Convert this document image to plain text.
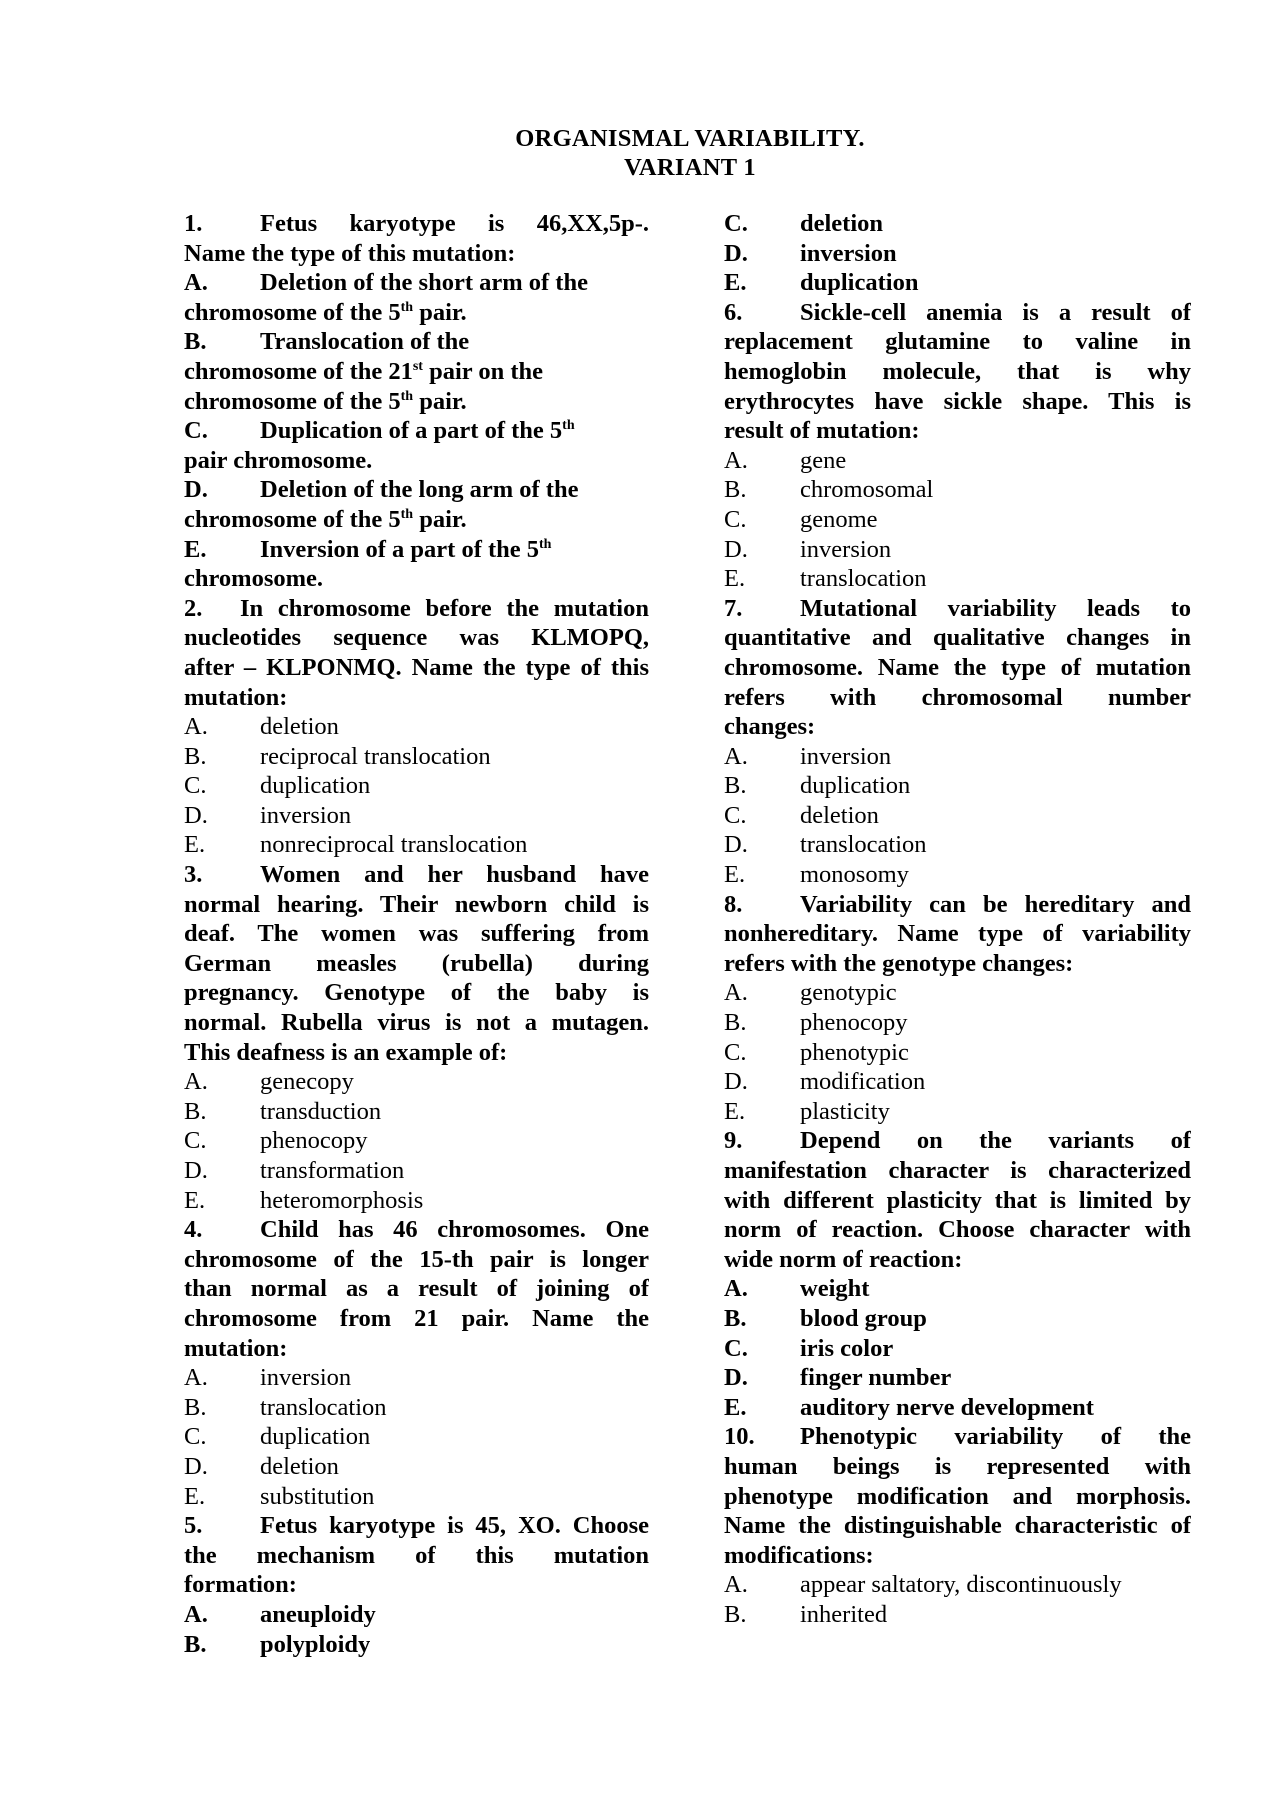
ORGANISMAL VARIABILITY.
VARIANT 1
1. Fetus karyotype is 46,XX,5p-.
Name the type of this mutation:
A.	Deletion of the short arm of the
chromosome of the 5th pair.
B.	Translocation of the
chromosome of the 21st pair on the
chromosome of the 5th pair.
C.	Duplication of a part of the 5th
pair chromosome.
D.	Deletion of the long arm of the
chromosome of the 5th pair.
E.	Inversion of a part of the 5th
chromosome.
2. In chromosome before the mutation
nucleotides sequence was KLMOPQ,
after – KLPONMQ. Name the type of this
mutation:
A.	deletion
B.	reciprocal translocation
C.	duplication
D.	inversion
E.	nonreciprocal translocation
3. Women and her husband have
normal hearing. Their newborn child is
deaf. The women was suffering from
German measles (rubella) during
pregnancy. Genotype of the baby is
normal. Rubella virus is not a mutagen.
This deafness is an example of:
A.	genecopy
B.	transduction
C.	phenocopy
D.	transformation
E.	heteromorphosis
4. Child has 46 chromosomes. One
chromosome of the 15-th pair is longer
than normal as a result of joining of
chromosome from 21 pair. Name the
mutation:
A.	inversion
B.	translocation
C.	duplication
D.	deletion
E.	substitution
5. Fetus karyotype is 45, XO. Choose
the mechanism of this mutation
formation:
A.	aneuploidy
B.	polyploidy
C.	deletion
D.	inversion
E.	duplication
6. Sickle-cell anemia is a result of
replacement glutamine to valine in
hemoglobin molecule, that is why
erythrocytes have sickle shape. This is
result of mutation:
A.	gene
B.	chromosomal
C.	genome
D.	inversion
E.	translocation
7. Mutational variability leads to
quantitative and qualitative changes in
chromosome. Name the type of mutation
refers with chromosomal number
changes:
A.	inversion
B.	duplication
C.	deletion
D.	translocation
E.	monosomy
8. Variability can be hereditary and
nonhereditary. Name type of variability
refers with the genotype changes:
A.	genotypic
B.	phenocopy
C.	phenotypic
D.	modification
E.	plasticity
9. Depend on the variants of
manifestation character is characterized
with different plasticity that is limited by
norm of reaction. Choose character with
wide norm of reaction:
A.	weight
B.	blood group
C.	iris color
D.	finger number
E.	auditory nerve development
10. Phenotypic variability of the
human beings is represented with
phenotype modification and morphosis.
Name the distinguishable characteristic of
modifications:
A.	appear saltatory, discontinuously
B.	inherited
